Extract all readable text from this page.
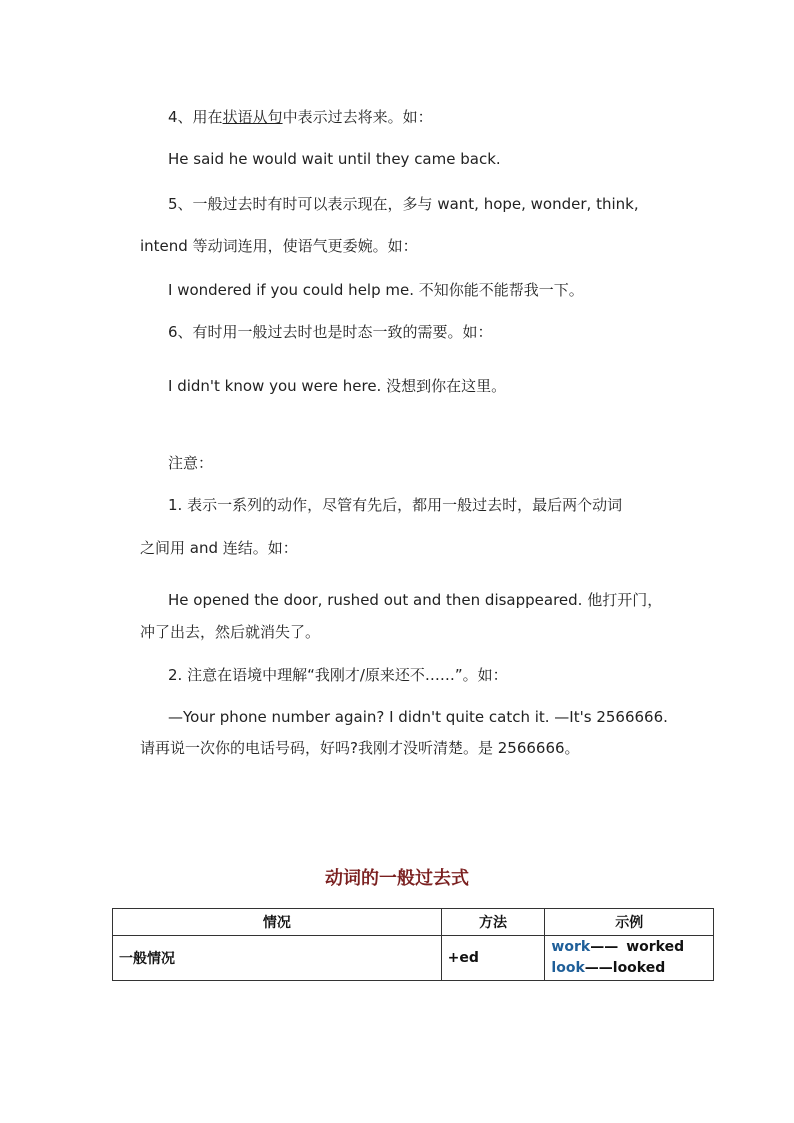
4、用在状语从句中表示过去将来。如：
He said he would wait until they came back.
5、一般过去时有时可以表示现在，多与 want, hope, wonder, think,
intend 等动词连用，使语气更委婉。如：
I wondered if you could help me. 不知你能不能帮我一下。
6、有时用一般过去时也是时态一致的需要。如：
I didn't know you were here. 没想到你在这里。
注意：
1. 表示一系列的动作，尽管有先后，都用一般过去时，最后两个动词
之间用 and 连结。如：
He opened the door, rushed out and then disappeared. 他打开门，
冲了出去，然后就消失了。
2. 注意在语境中理解“我刚才/原来还不……”。如：
—Your phone number again? I didn't quite catch it. —It's 2566666.
请再说一次你的电话号码，好吗?我刚才没听清楚。是 2566666。
动词的一般过去式
情况	方法	示例
一般情况	+ed	work—— worked
look——looked
